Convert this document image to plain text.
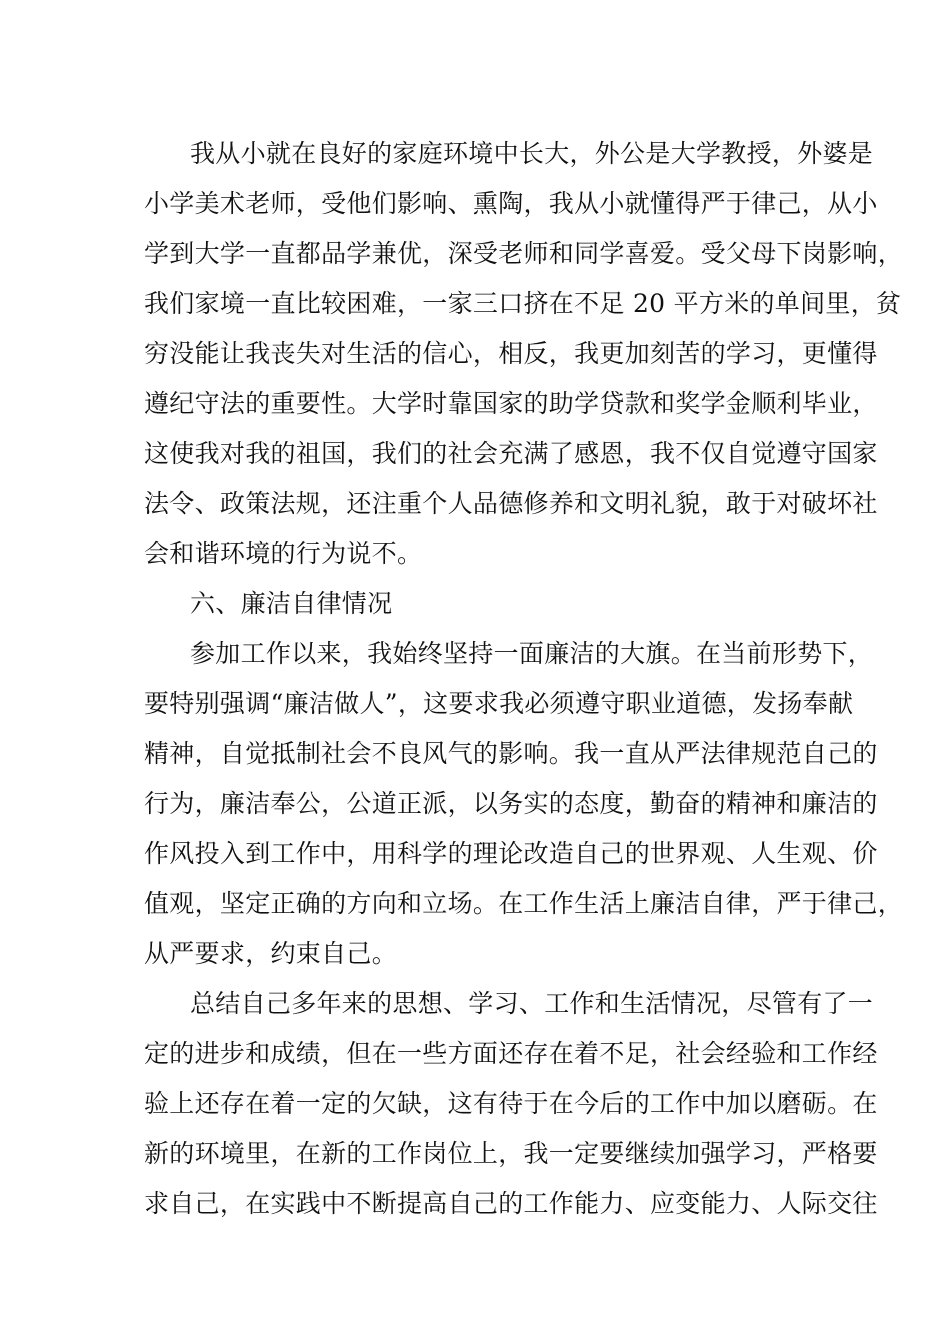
我从小就在良好的家庭环境中长大，外公是大学教授，外婆是
小学美术老师，受他们影响、熏陶，我从小就懂得严于律己，从小
学到大学一直都品学兼优，深受老师和同学喜爱。受父母下岗影响，
我们家境一直比较困难，一家三口挤在不足 20 平方米的单间里，贫
穷没能让我丧失对生活的信心，相反，我更加刻苦的学习，更懂得
遵纪守法的重要性。大学时靠国家的助学贷款和奖学金顺利毕业，
这使我对我的祖国，我们的社会充满了感恩，我不仅自觉遵守国家
法令、政策法规，还注重个人品德修养和文明礼貌，敢于对破坏社
会和谐环境的行为说不。
六、廉洁自律情况
参加工作以来，我始终坚持一面廉洁的大旗。在当前形势下，
要特别强调“廉洁做人”，这要求我必须遵守职业道德，发扬奉献
精神，自觉抵制社会不良风气的影响。我一直从严法律规范自己的
行为，廉洁奉公，公道正派，以务实的态度，勤奋的精神和廉洁的
作风投入到工作中，用科学的理论改造自己的世界观、人生观、价
值观，坚定正确的方向和立场。在工作生活上廉洁自律，严于律己，
从严要求，约束自己。
总结自己多年来的思想、学习、工作和生活情况，尽管有了一
定的进步和成绩，但在一些方面还存在着不足，社会经验和工作经
验上还存在着一定的欠缺，这有待于在今后的工作中加以磨砺。在
新的环境里，在新的工作岗位上，我一定要继续加强学习，严格要
求自己，在实践中不断提高自己的工作能力、应变能力、人际交往
